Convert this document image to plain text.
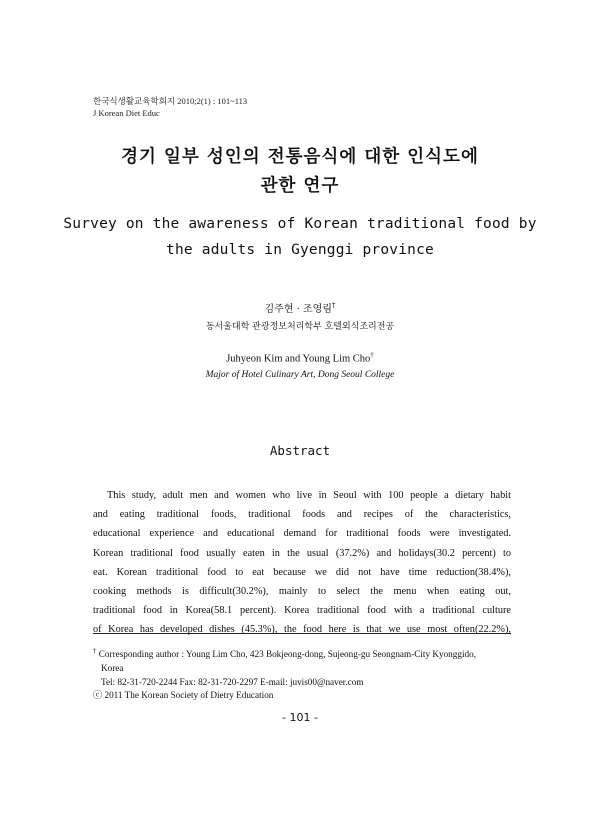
한국식생활교육학회지 2010;2(1) : 101~113
J Korean Diet Educ
경기 일부 성인의 전통음식에 대한 인식도에
관한 연구
Survey on the awareness of Korean traditional food by
the adults in Gyenggi province
김주현 · 조영림†
동서울대학 관광정보처리학부 호텔외식조리전공
Juhyeon Kim and Young Lim Cho†
Major of Hotel Culinary Art, Dong Seoul College
Abstract
This study, adult men and women who live in Seoul with 100 people a dietary habit
and eating traditional foods, traditional foods and recipes of the characteristics,
educational experience and educational demand for traditional foods were investigated.
Korean traditional food usually eaten in the usual (37.2%) and holidays(30.2 percent) to
eat. Korean traditional food to eat because we did not have time reduction(38.4%),
cooking methods is difficult(30.2%), mainly to select the menu when eating out,
traditional food in Korea(58.1 percent). Korea traditional food with a traditional culture
of Korea has developed dishes (45.3%), the food here is that we use most often(22.2%),
† Corresponding author : Young Lim Cho, 423 Bokjeong-dong, Sujeong-gu Seongnam-City Kyonggido,
Korea
Tel: 82-31-720-2244 Fax: 82-31-720-2297 E-mail: juvis00@naver.com
ⓒ 2011 The Korean Society of Dietry Education
- 101 -
